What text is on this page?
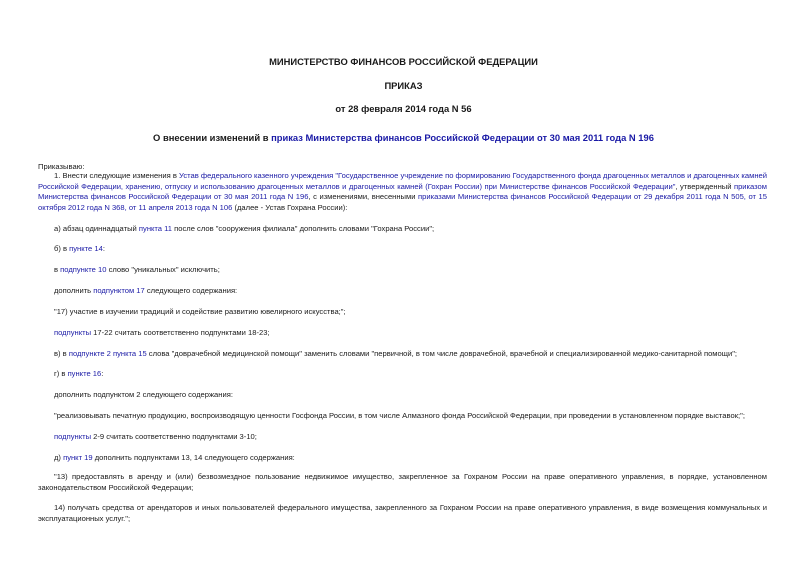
МИНИСТЕРСТВО ФИНАНСОВ РОССИЙСКОЙ ФЕДЕРАЦИИ
ПРИКАЗ
от 28 февраля 2014 года N 56
О внесении изменений в приказ Министерства финансов Российской Федерации от 30 мая 2011 года N 196
Приказываю:
1. Внести следующие изменения в Устав федерального казенного учреждения "Государственное учреждение по формированию Государственного фонда драгоценных металлов и драгоценных камней Российской Федерации, хранению, отпуску и использованию драгоценных металлов и драгоценных камней (Гохран России) при Министерстве финансов Российской Федерации", утвержденный приказом Министерства финансов Российской Федерации от 30 мая 2011 года N 196, с изменениями, внесенными приказами Министерства финансов Российской Федерации от 29 декабря 2011 года N 505, от 15 октября 2012 года N 368, от 11 апреля 2013 года N 106 (далее - Устав Гохрана России):
а) абзац одиннадцатый пункта 11 после слов "сооружения филиала" дополнить словами "Гохрана России";
б) в пункте 14:
в подпункте 10 слово "уникальных" исключить;
дополнить подпунктом 17 следующего содержания:
"17) участие в изучении традиций и содействие развитию ювелирного искусства;";
подпункты 17-22 считать соответственно подпунктами 18-23;
в) в подпункте 2 пункта 15 слова "доврачебной медицинской помощи" заменить словами "первичной, в том числе доврачебной, врачебной и специализированной медико-санитарной помощи";
г) в пункте 16:
дополнить подпунктом 2 следующего содержания:
"реализовывать печатную продукцию, воспроизводящую ценности Госфонда России, в том числе Алмазного фонда Российской Федерации, при проведении в установленном порядке выставок;";
подпункты 2-9 считать соответственно подпунктами 3-10;
д) пункт 19 дополнить подпунктами 13, 14 следующего содержания:
"13) предоставлять в аренду и (или) безвозмездное пользование недвижимое имущество, закрепленное за Гохраном России на праве оперативного управления, в порядке, установленном законодательством Российской Федерации;
14) получать средства от арендаторов и иных пользователей федерального имущества, закрепленного за Гохраном России на праве оперативного управления, в виде возмещения коммунальных и эксплуатационных услуг.";
